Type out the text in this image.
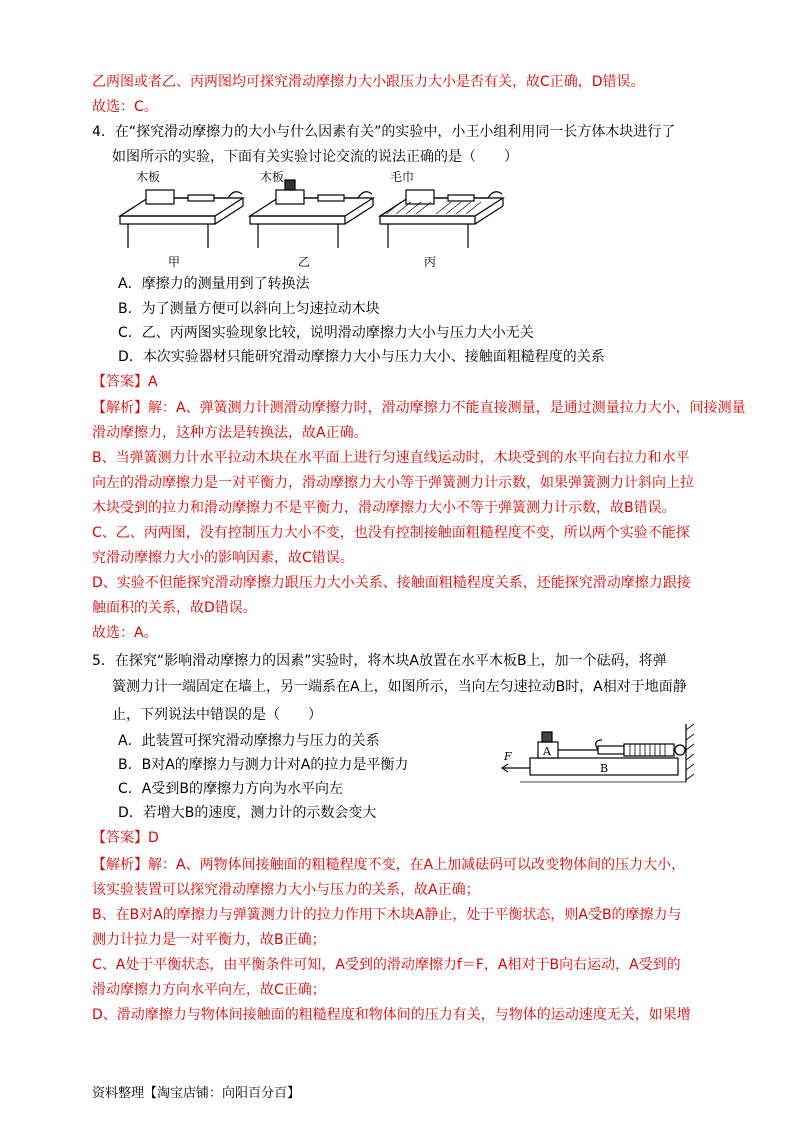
乙两图或者乙、丙两图均可探究滑动摩擦力大小跟压力大小是否有关，故C正确，D错误。
故选：C。
4．在“探究滑动摩擦力的大小与什么因素有关”的实验中，小王小组利用同一长方体木块进行了
如图所示的实验，下面有关实验讨论交流的说法正确的是（　　）
木板	木板	毛巾
甲	乙	丙
A．摩擦力的测量用到了转换法
B．为了测量方便可以斜向上匀速拉动木块
C．乙、丙两图实验现象比较，说明滑动摩擦力大小与压力大小无关
D．本次实验器材只能研究滑动摩擦力大小与压力大小、接触面粗糙程度的关系
【答案】A
【解析】解：A、弹簧测力计测滑动摩擦力时，滑动摩擦力不能直接测量，是通过测量拉力大小，间接测量
滑动摩擦力，这种方法是转换法，故A正确。
B、当弹簧测力计水平拉动木块在水平面上进行匀速直线运动时，木块受到的水平向右拉力和水平
向左的滑动摩擦力是一对平衡力，滑动摩擦力大小等于弹簧测力计示数，如果弹簧测力计斜向上拉
木块受到的拉力和滑动摩擦力不是平衡力，滑动摩擦力大小不等于弹簧测力计示数，故B错误。
C、乙、丙两图，没有控制压力大小不变，也没有控制接触面粗糙程度不变，所以两个实验不能探
究滑动摩擦力大小的影响因素，故C错误。
D、实验不但能探究滑动摩擦力跟压力大小关系、接触面粗糙程度关系，还能探究滑动摩擦力跟接
触面积的关系，故D错误。
故选：A。
5．在探究“影响滑动摩擦力的因素”实验时，将木块A放置在水平木板B上，加一个砝码，将弹
簧测力计一端固定在墙上，另一端系在A上，如图所示，当向左匀速拉动B时，A相对于地面静
止，下列说法中错误的是（　　）
A．此装置可探究滑动摩擦力与压力的关系
B．B对A的摩擦力与测力计对A的拉力是平衡力
C．A受到B的摩擦力方向为水平向左
D．若增大B的速度，测力计的示数会变大
F	A
B
【答案】D
【解析】解：A、两物体间接触面的粗糙程度不变，在A上加减砝码可以改变物体间的压力大小，
该实验装置可以探究滑动摩擦力大小与压力的关系，故A正确；
B、在B对A的摩擦力与弹簧测力计的拉力作用下木块A静止，处于平衡状态，则A受B的摩擦力与
测力计拉力是一对平衡力，故B正确；
C、A处于平衡状态，由平衡条件可知，A受到的滑动摩擦力f＝F，A相对于B向右运动，A受到的
滑动摩擦力方向水平向左，故C正确；
D、滑动摩擦力与物体间接触面的粗糙程度和物体间的压力有关，与物体的运动速度无关，如果增
资料整理【淘宝店铺：向阳百分百】
